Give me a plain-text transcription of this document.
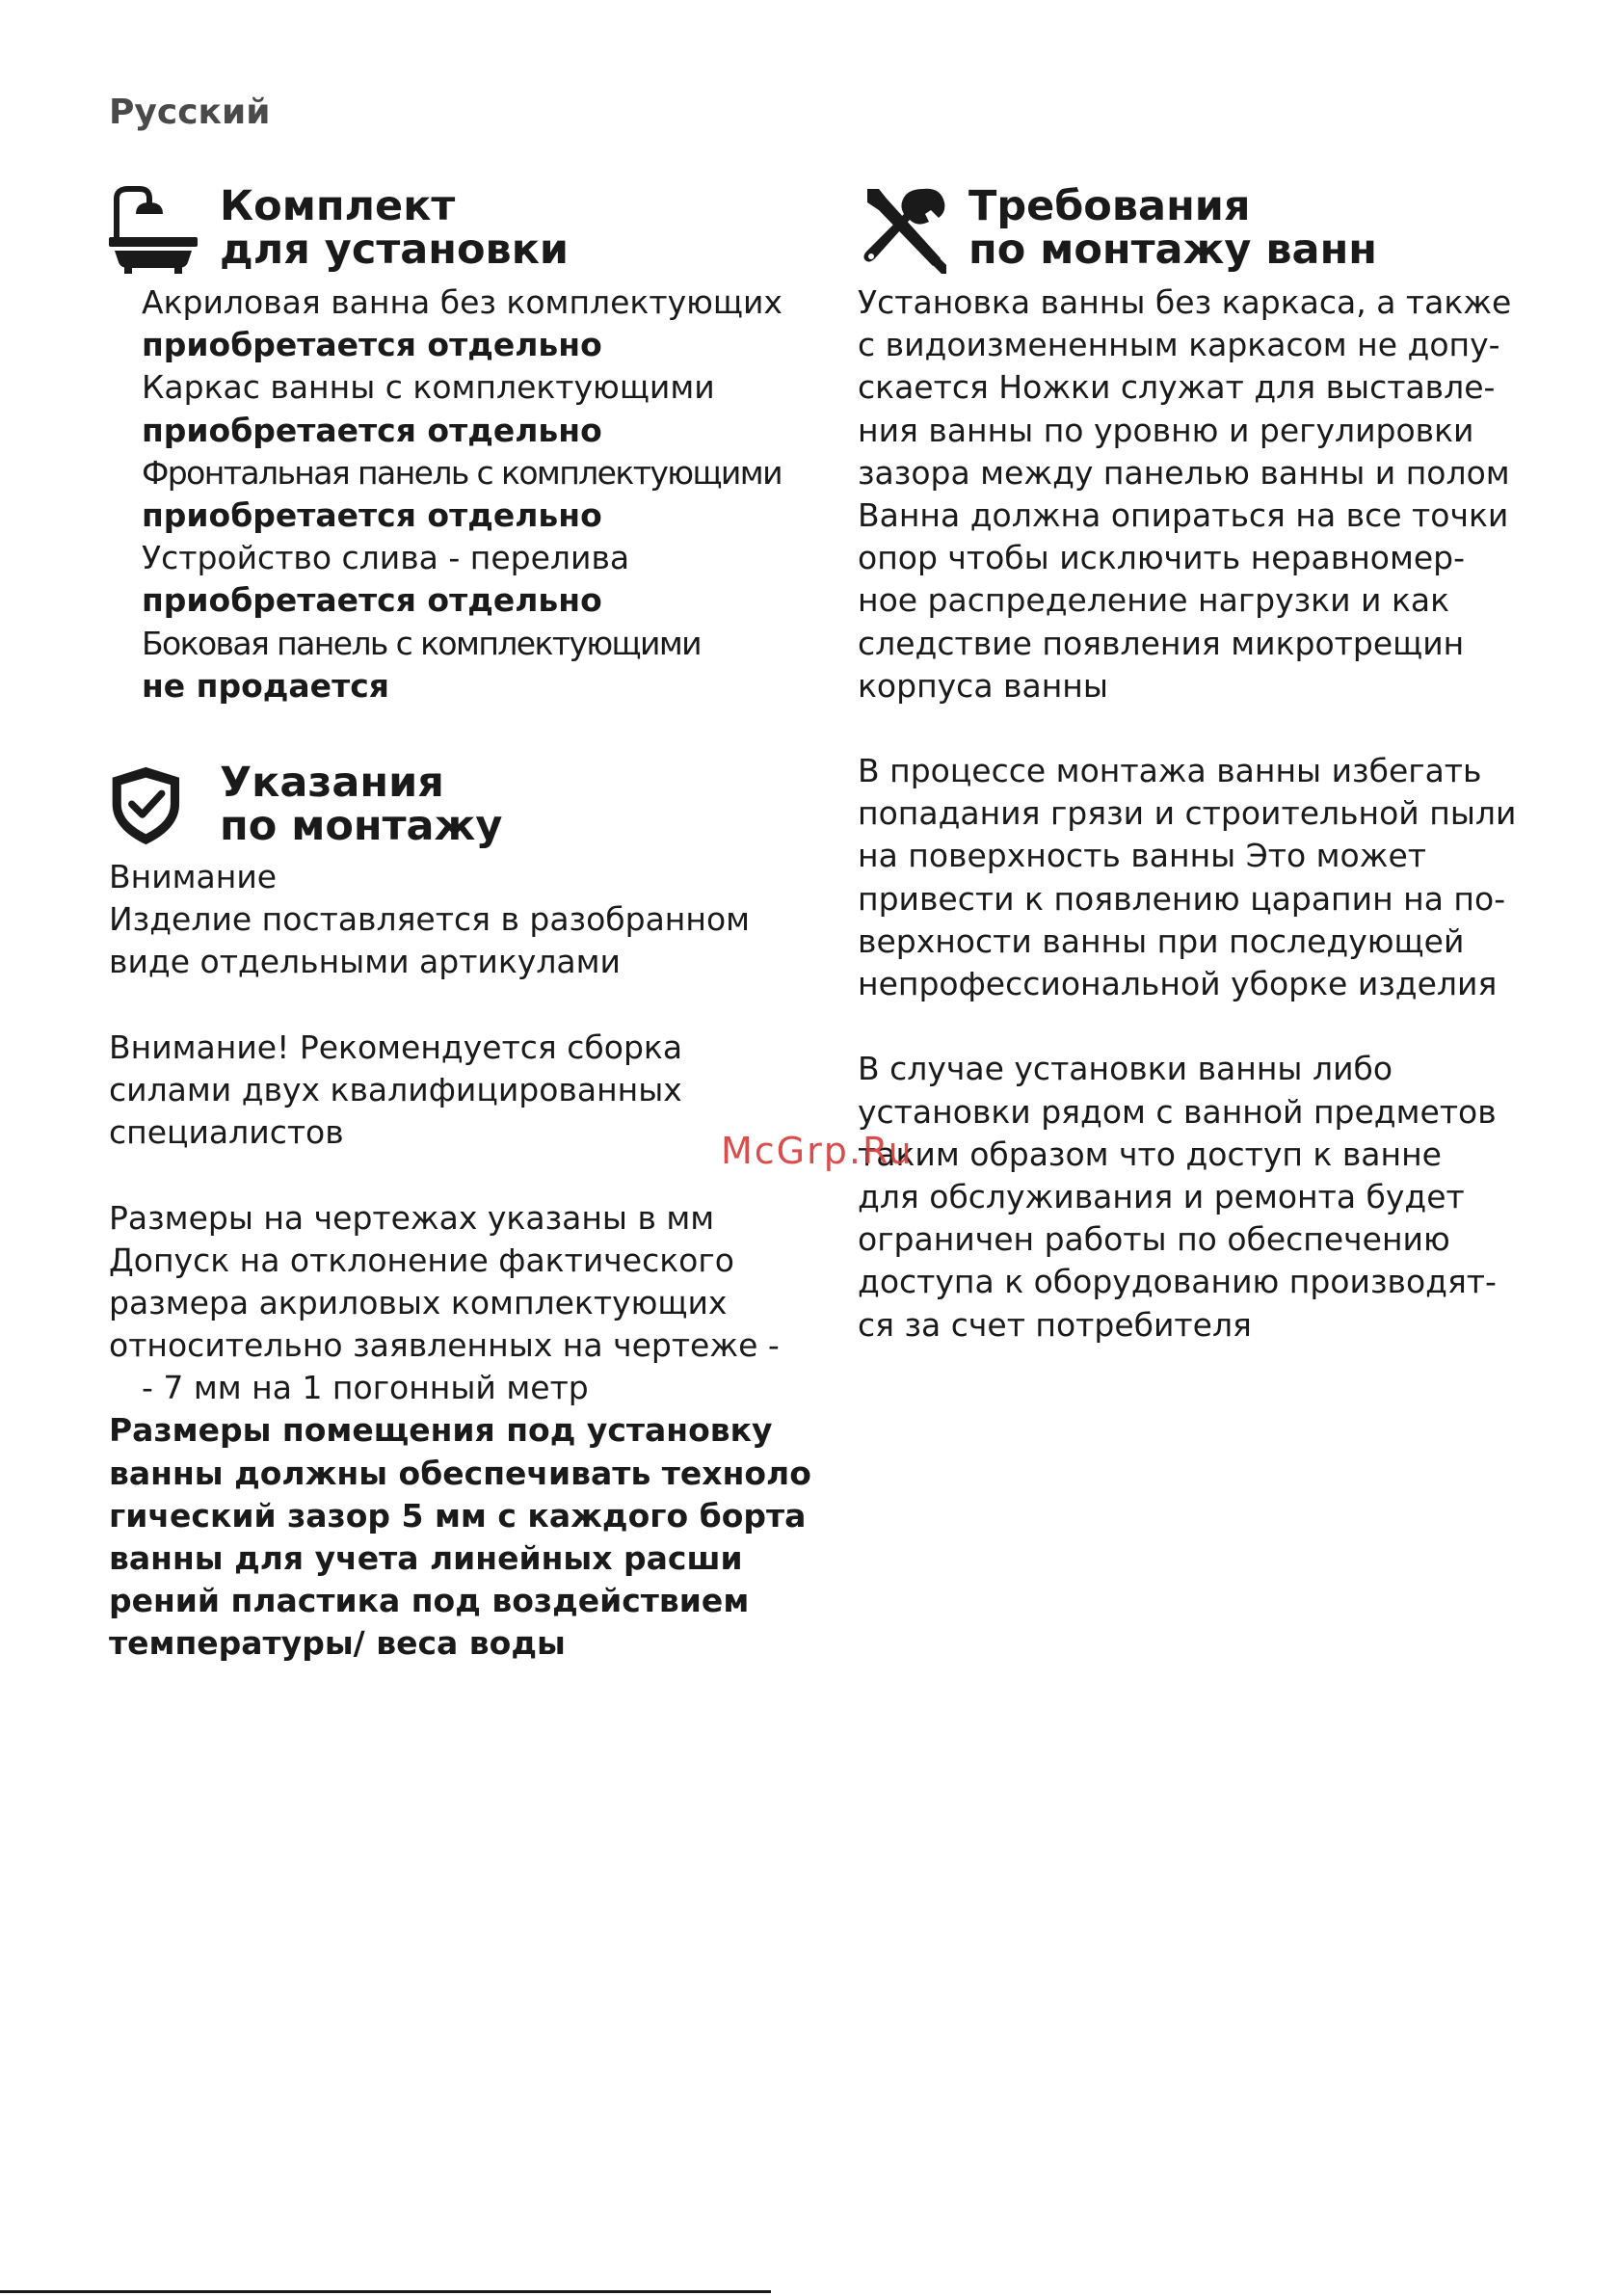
Русский
Комплект
для установки
Акриловая ванна без комплектующих
приобретается отдельно
Каркас ванны с комплектующими
приобретается отдельно
Фронтальная панель с комплектующими
приобретается отдельно
Устройство слива - перелива
приобретается отдельно
Боковая панель с комплектующими
не продается
Указания
по монтажу
Внимание
Изделие поставляется в разобранном
виде отдельными артикулами
Внимание! Рекомендуется сборка
силами двух квалифицированных
специалистов
Размеры на чертежах указаны в мм
Допуск на отклонение фактического
размера акриловых комплектующих
относительно заявленных на чертеже -
- 7 мм на 1 погонный метр
Размеры помещения под установку
ванны должны обеспечивать техноло
гический зазор 5 мм с каждого борта
ванны для учета линейных расши
рений пластика под воздействием
температуры/ веса воды
Требования
по монтажу ванн
Установка ванны без каркаса, а также
с видоизмененным каркасом не допу-
скается Ножки служат для выставле-
ния ванны по уровню и регулировки
зазора между панелью ванны и полом
Ванна должна опираться на все точки
опор чтобы исключить неравномер-
ное распределение нагрузки и как
следствие появления микротрещин
корпуса ванны
В процессе монтажа ванны избегать
попадания грязи и строительной пыли
на поверхность ванны Это может
привести к появлению царапин на по-
верхности ванны при последующей
непрофессиональной уборке изделия
В случае установки ванны либо
установки рядом с ванной предметов
таким образом что доступ к ванне
для обслуживания и ремонта будет
ограничен работы по обеспечению
доступа к оборудованию производят-
ся за счет потребителя
McGrp.Ru
